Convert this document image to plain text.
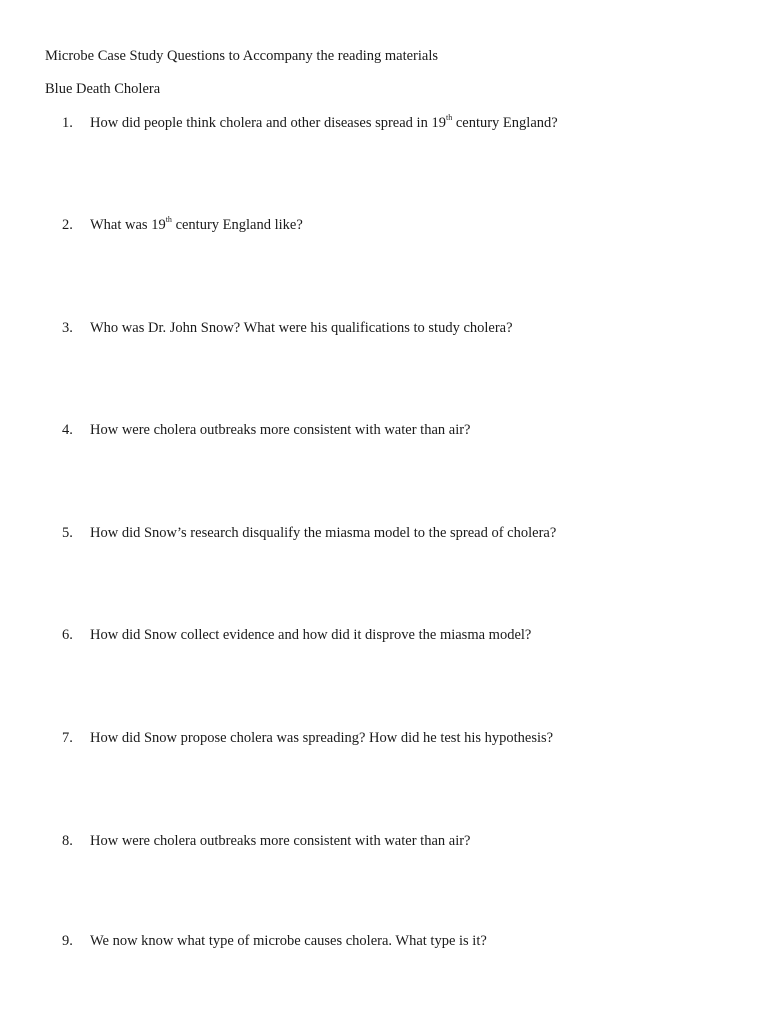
Microbe Case Study Questions to Accompany the reading materials
Blue Death Cholera
1. How did people think cholera and other diseases spread in 19th century England?
2. What was 19th century England like?
3. Who was Dr. John Snow? What were his qualifications to study cholera?
4. How were cholera outbreaks more consistent with water than air?
5. How did Snow’s research disqualify the miasma model to the spread of cholera?
6. How did Snow collect evidence and how did it disprove the miasma model?
7. How did Snow propose cholera was spreading? How did he test his hypothesis?
8. How were cholera outbreaks more consistent with water than air?
9. We now know what type of microbe causes cholera. What type is it?
